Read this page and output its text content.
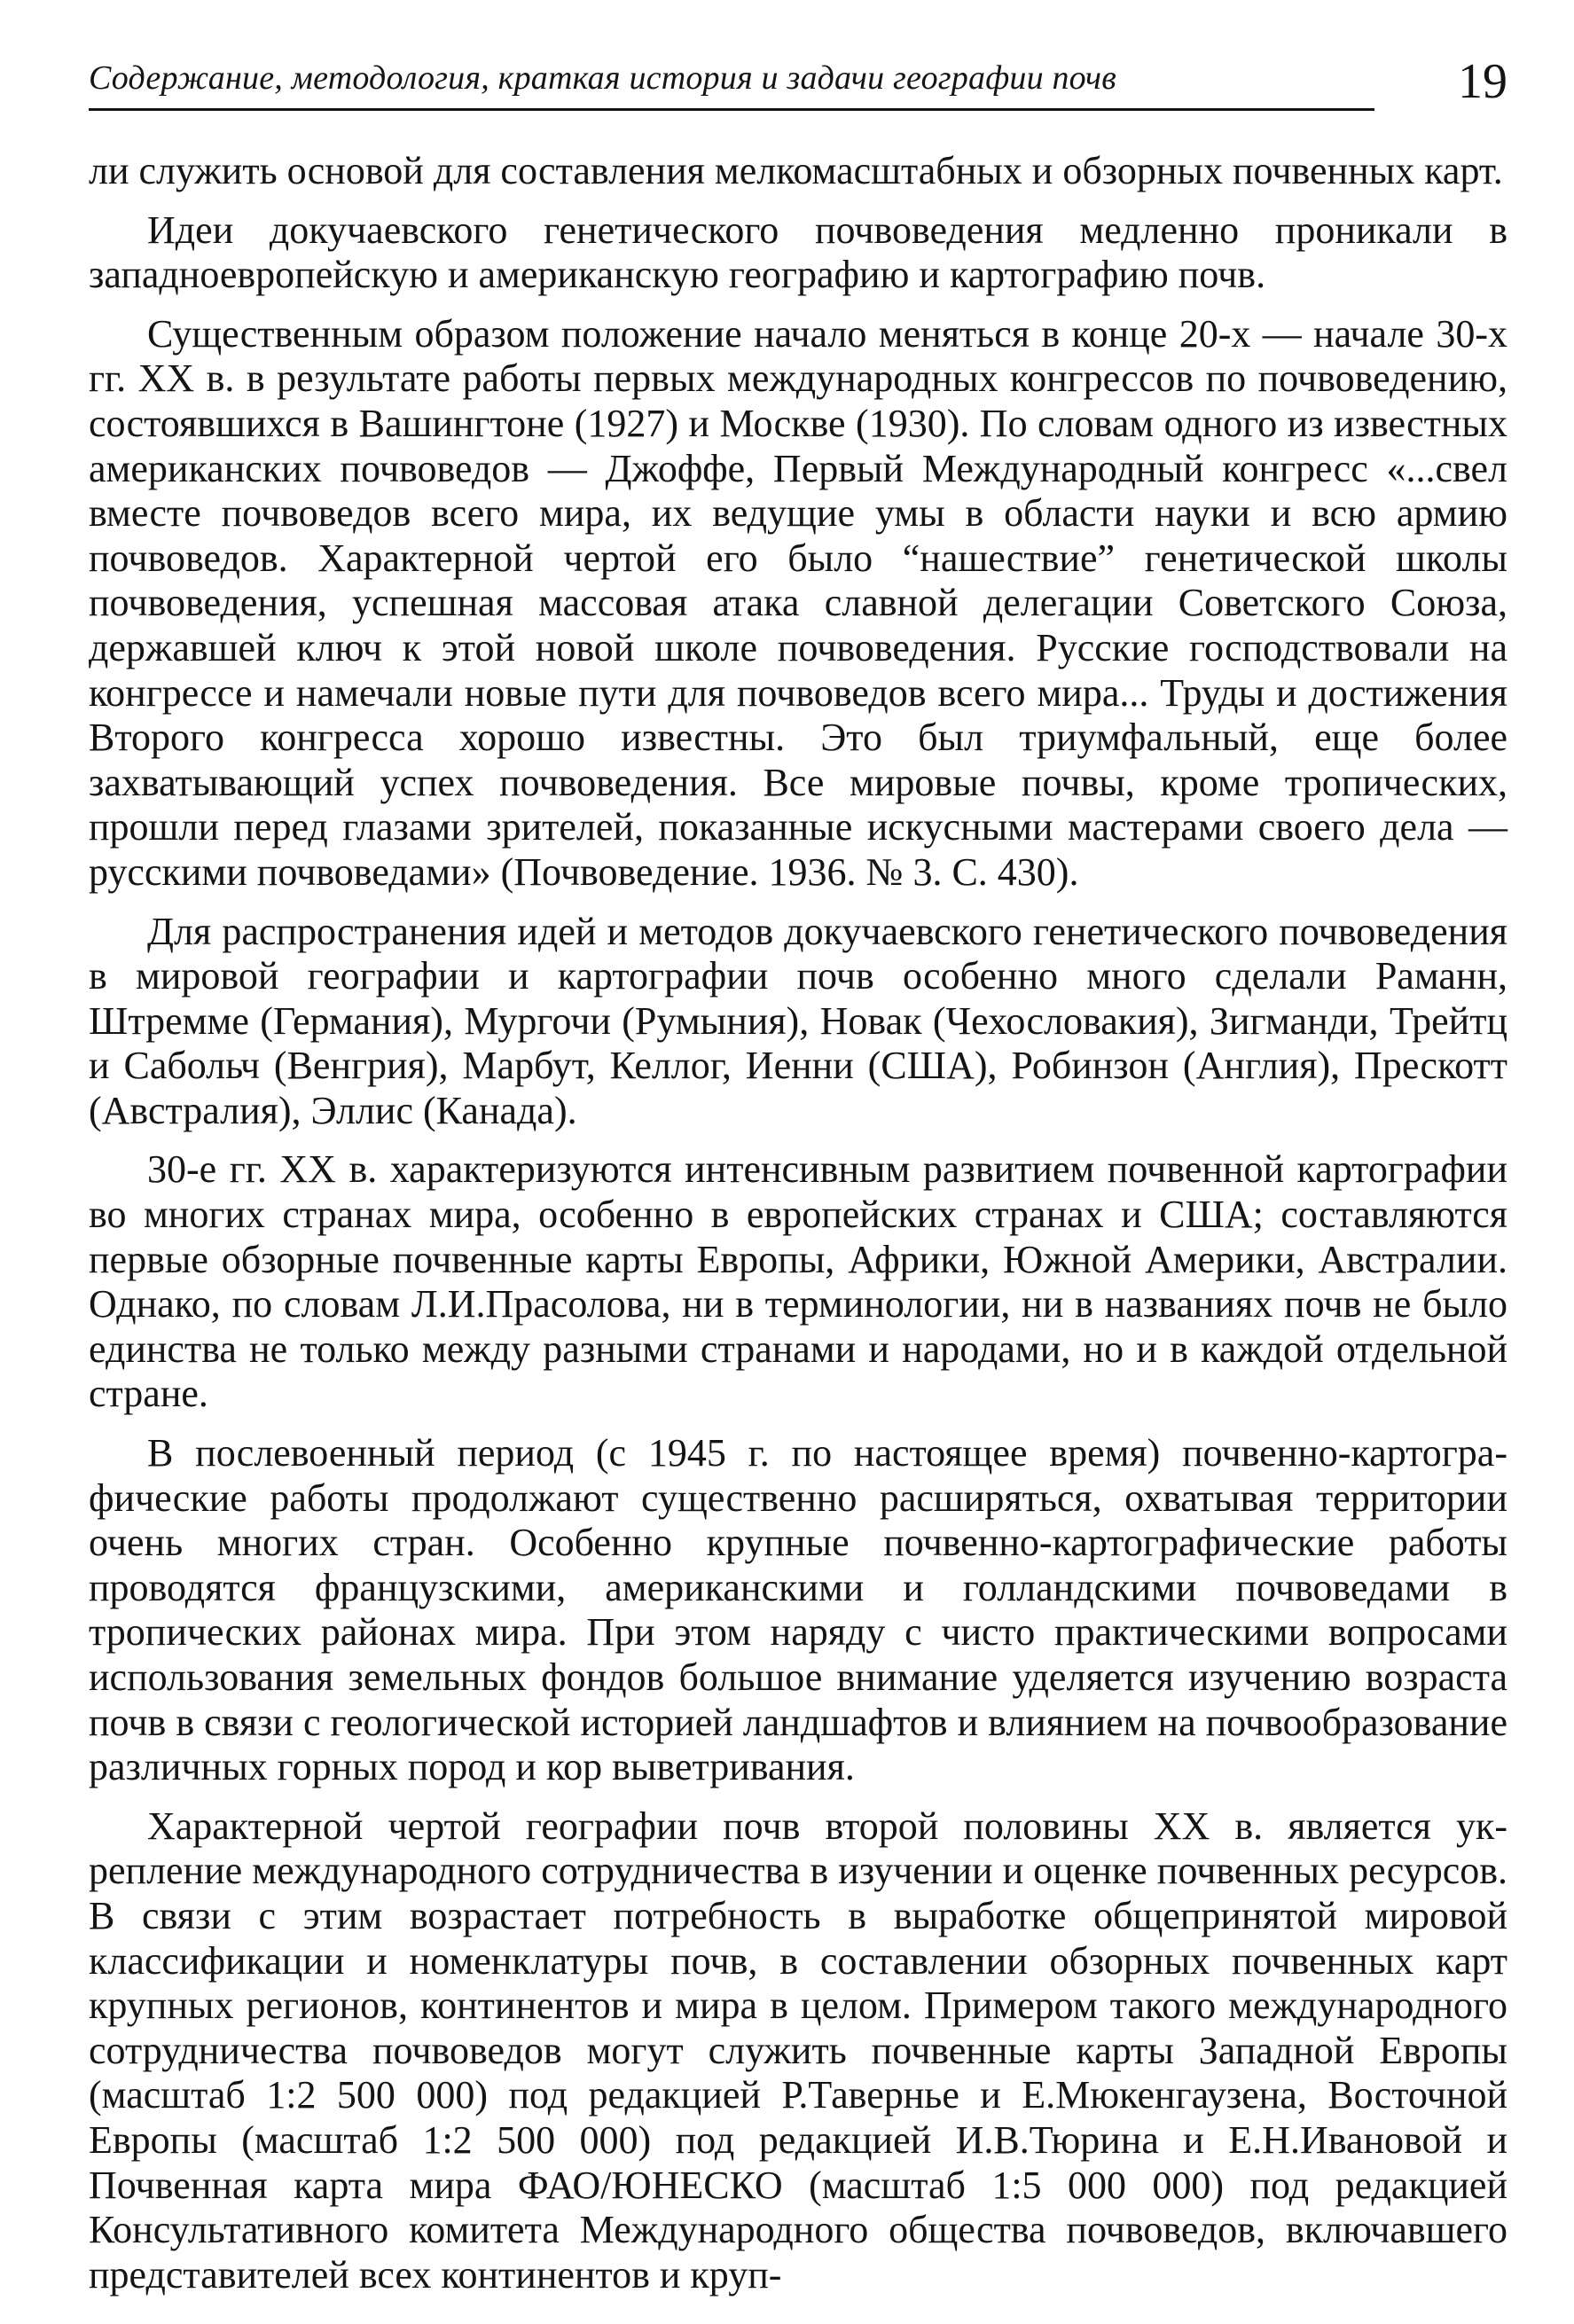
Содержание, методология, краткая история и задачи географии почв	19

ли служить основой для составления мелкомасштабных и обзорных почвенных карт.

Идеи докучаевского генетического почвоведения медленно проникали в западноевропейскую и американскую географию и картографию почв.

Существенным образом положение начало меняться в конце 20-х — начале 30-х гг. XX в. в результате работы первых международных конгрессов по почвоведению, состоявшихся в Вашингтоне (1927) и Москве (1930). По словам одного из известных американских почвоведов — Джоффе, Первый Международный конгресс «...свел вместе почвоведов всего мира, их ведущие умы в области науки и всю армию почвоведов. Характерной чертой его было “нашествие” генетической школы почвоведения, успешная массовая атака славной делегации Советского Союза, державшей ключ к этой новой школе почвоведения. Русские господствовали на конгрессе и намечали новые пути для почвоведов всего мира... Труды и достижения Второго конгресса хорошо известны. Это был триумфальный, еще более захватывающий успех почвоведения. Все мировые почвы, кроме тропических, прошли перед глазами зрителей, показанные искусными мастерами своего дела — русскими почвоведами» (Почвоведение. 1936. № 3. С. 430).

Для распространения идей и методов докучаевского генетического почвоведения в мировой географии и картографии почв особенно много сделали Раманн, Штремме (Германия), Мургочи (Румыния), Новак (Чехословакия), Зигманди, Трейтц и Сабольч (Венгрия), Марбут, Келлог, Иенни (США), Робинзон (Англия), Прескотт (Австралия), Эллис (Канада).

30-е гг. XX в. характеризуются интенсивным развитием почвенной картографии во многих странах мира, особенно в европейских странах и США; составляются первые обзорные почвенные карты Европы, Африки, Южной Америки, Австралии. Однако, по словам Л.И.Прасолова, ни в терминологии, ни в названиях почв не было единства не только между разными странами и народами, но и в каждой отдельной стране.

В послевоенный период (с 1945 г. по настоящее время) почвенно-картографические работы продолжают существенно расширяться, охватывая территории очень многих стран. Особенно крупные почвенно-картографические работы проводятся французскими, американскими и голландскими почвоведами в тропических районах мира. При этом наряду с чисто практическими вопросами использования земельных фондов большое внимание уделяется изучению возраста почв в связи с геологической историей ландшафтов и влиянием на почвообразование различных горных пород и кор выветривания.

Характерной чертой географии почв второй половины XX в. является укрепление международного сотрудничества в изучении и оценке почвенных ресурсов. В связи с этим возрастает потребность в выработке общепринятой мировой классификации и номенклатуры почв, в составлении обзорных почвенных карт крупных регионов, континентов и мира в целом. Примером такого международного сотрудничества почвоведов могут служить почвенные карты Западной Европы (масштаб 1:2 500 000) под редакцией Р.Тавернье и Е.Мюкенгаузена, Восточной Европы (масштаб 1:2 500 000) под редакцией И.В.Тюрина и Е.Н.Ивановой и Почвенная карта мира ФАО/ЮНЕСКО (масштаб 1:5 000 000) под редакцией Консультативного комитета Международного общества почвоведов, включавшего представителей всех континентов и круп-
